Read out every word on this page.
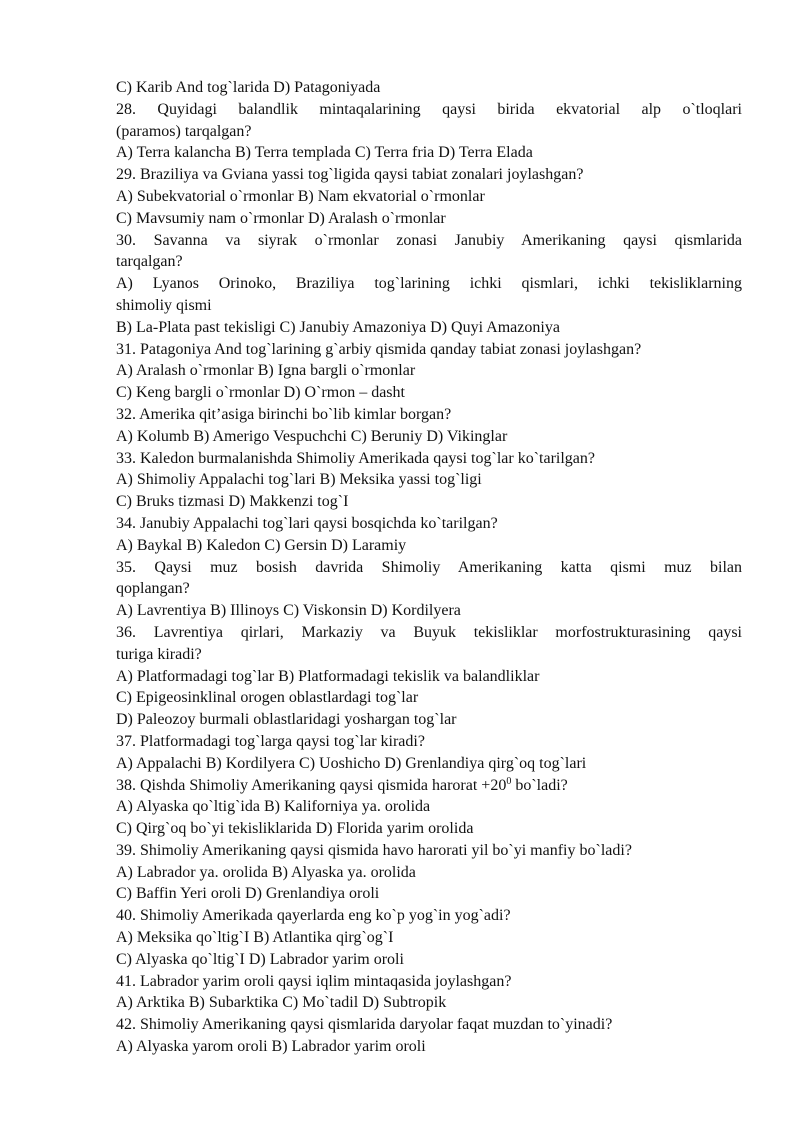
C) Karib And tog`larida D) Patagoniyada
28. Quyidagi balandlik mintaqalarining qaysi birida ekvatorial alp o`tloqlari
(paramos) tarqalgan?
A) Terra kalancha B) Terra templada C) Terra fria D) Terra Elada
29. Braziliya va Gviana yassi tog`ligida qaysi tabiat zonalari joylashgan?
A) Subekvatorial o`rmonlar B) Nam ekvatorial o`rmonlar
C) Mavsumiy nam o`rmonlar D) Aralash o`rmonlar
30. Savanna va siyrak o`rmonlar zonasi Janubiy Amerikaning qaysi qismlarida
tarqalgan?
A) Lyanos Orinoko, Braziliya tog`larining ichki qismlari, ichki tekisliklarning
shimoliy qismi
B) La-Plata past tekisligi C) Janubiy Amazoniya D) Quyi Amazoniya
31. Patagoniya And tog`larining g`arbiy qismida qanday tabiat zonasi joylashgan?
A) Aralash o`rmonlar B) Igna bargli o`rmonlar
C) Keng bargli o`rmonlar D) O`rmon – dasht
32. Amerika qit’asiga birinchi bo`lib kimlar borgan?
A) Kolumb B) Amerigo Vespuchchi C) Beruniy D) Vikinglar
33. Kaledon burmalanishda Shimoliy Amerikada qaysi tog`lar ko`tarilgan?
A) Shimoliy Appalachi tog`lari B) Meksika yassi tog`ligi
C) Bruks tizmasi D) Makkenzi tog`I
34. Janubiy Appalachi tog`lari qaysi bosqichda ko`tarilgan?
A) Baykal B) Kaledon C) Gersin D) Laramiy
35. Qaysi muz bosish davrida Shimoliy Amerikaning katta qismi muz bilan
qoplangan?
A) Lavrentiya B) Illinoys C) Viskonsin D) Kordilyera
36. Lavrentiya qirlari, Markaziy va Buyuk tekisliklar morfostrukturasining qaysi
turiga kiradi?
A) Platformadagi tog`lar B) Platformadagi tekislik va balandliklar
C) Epigeosinklinal orogen oblastlardagi tog`lar
D) Paleozoy burmali oblastlaridagi yoshargan tog`lar
37. Platformadagi tog`larga qaysi tog`lar kiradi?
A) Appalachi B) Kordilyera C) Uoshicho D) Grenlandiya qirg`oq tog`lari
38. Qishda Shimoliy Amerikaning qaysi qismida harorat $+20^0$ bo`ladi?
A) Alyaska qo`ltig`ida B) Kaliforniya ya. orolida
C) Qirg`oq bo`yi tekisliklarida D) Florida yarim orolida
39. Shimoliy Amerikaning qaysi qismida havo harorati yil bo`yi manfiy bo`ladi?
A) Labrador ya. orolida B) Alyaska ya. orolida
C) Baffin Yeri oroli D) Grenlandiya oroli
40. Shimoliy Amerikada qayerlarda eng ko`p yog`in yog`adi?
A) Meksika qo`ltig`I B) Atlantika qirg`og`I
C) Alyaska qo`ltig`I D) Labrador yarim oroli
41. Labrador yarim oroli qaysi iqlim mintaqasida joylashgan?
A) Arktika B) Subarktika C) Mo`tadil D) Subtropik
42. Shimoliy Amerikaning qaysi qismlarida daryolar faqat muzdan to`yinadi?
A) Alyaska yarom oroli B) Labrador yarim oroli
